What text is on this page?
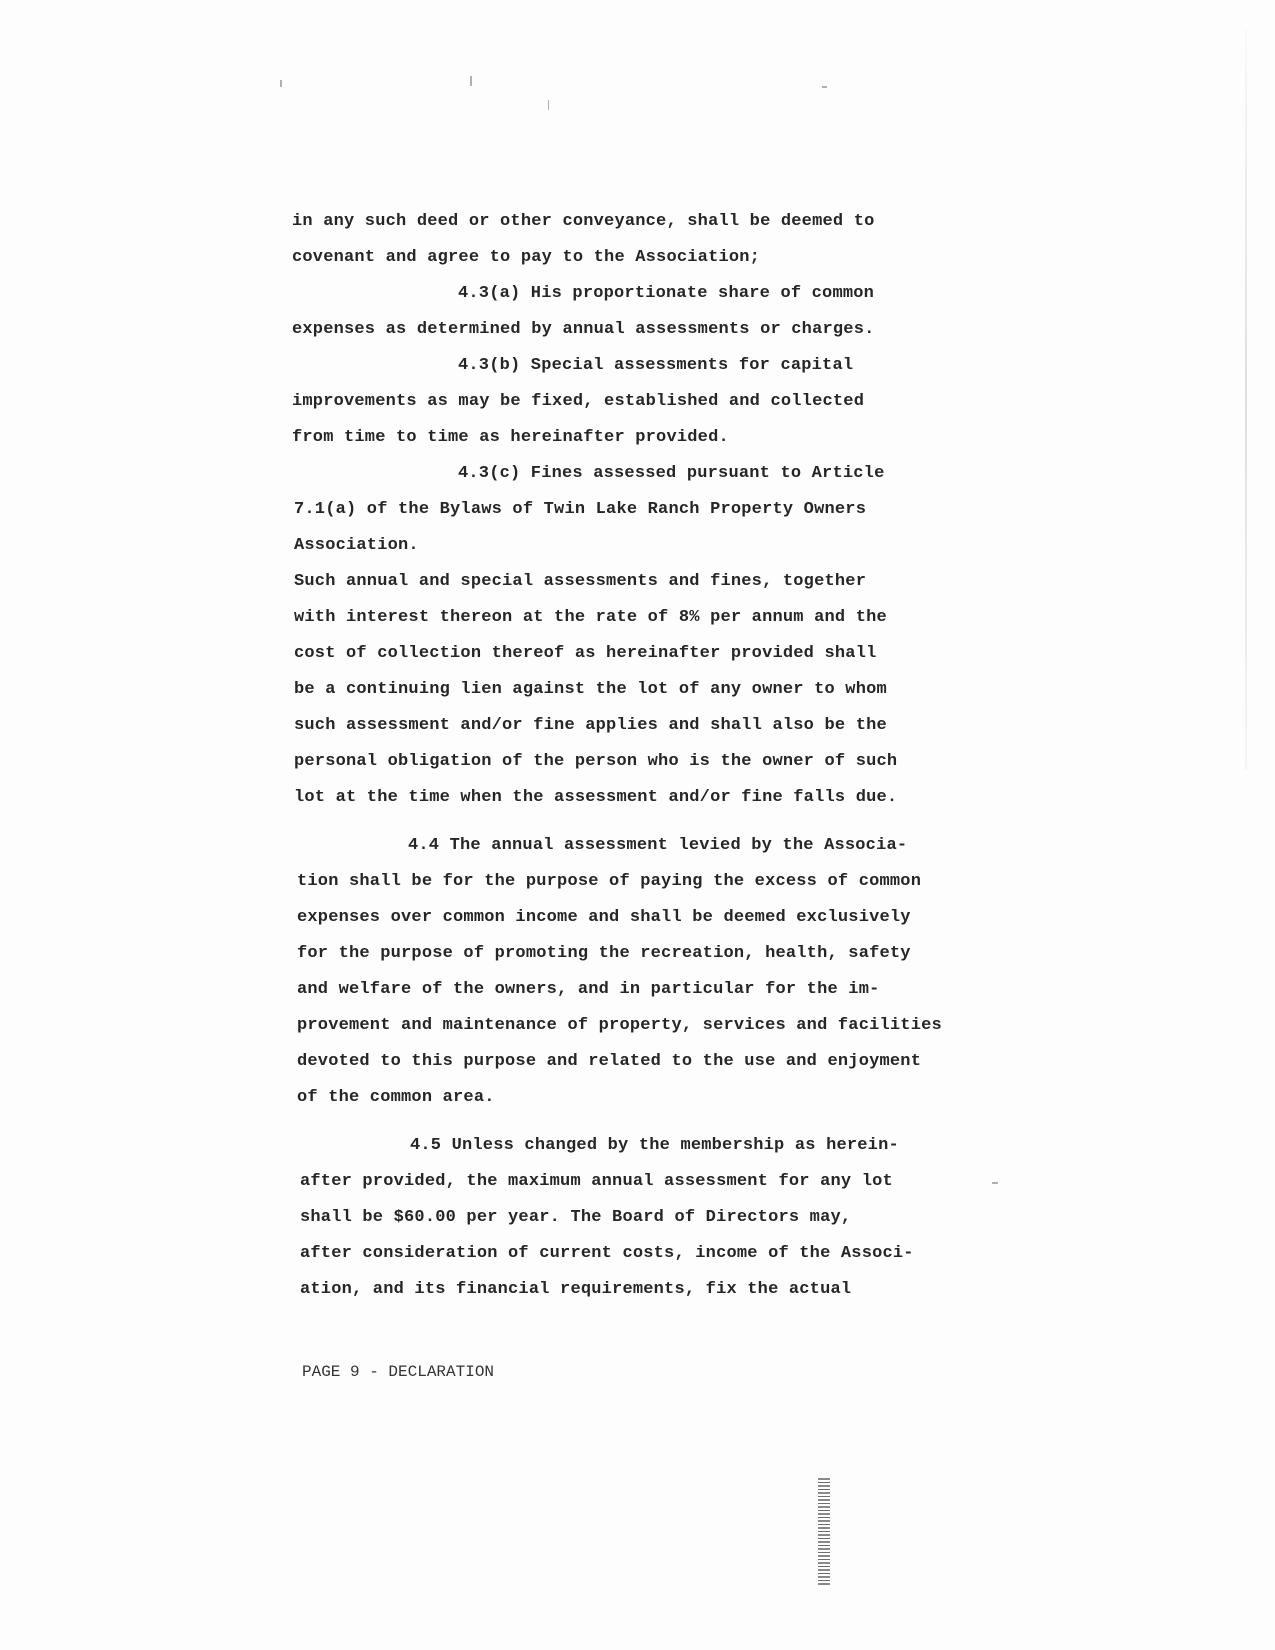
in any such deed or other conveyance, shall be deemed to
covenant and agree to pay to the Association;
4.3(a) His proportionate share of common
expenses as determined by annual assessments or charges.
4.3(b) Special assessments for capital
improvements as may be fixed, established and collected
from time to time as hereinafter provided.
4.3(c) Fines assessed pursuant to Article
7.1(a) of the Bylaws of Twin Lake Ranch Property Owners
Association.
Such annual and special assessments and fines, together
with interest thereon at the rate of 8% per annum and the
cost of collection thereof as hereinafter provided shall
be a continuing lien against the lot of any owner to whom
such assessment and/or fine applies and shall also be the
personal obligation of the person who is the owner of such
lot at the time when the assessment and/or fine falls due.
4.4 The annual assessment levied by the Associa-
tion shall be for the purpose of paying the excess of common
expenses over common income and shall be deemed exclusively
for the purpose of promoting the recreation, health, safety
and welfare of the owners, and in particular for the im-
provement and maintenance of property, services and facilities
devoted to this purpose and related to the use and enjoyment
of the common area.
4.5 Unless changed by the membership as herein-
after provided, the maximum annual assessment for any lot
shall be $60.00 per year. The Board of Directors may,
after consideration of current costs, income of the Associ-
ation, and its financial requirements, fix the actual
PAGE 9 - DECLARATION
